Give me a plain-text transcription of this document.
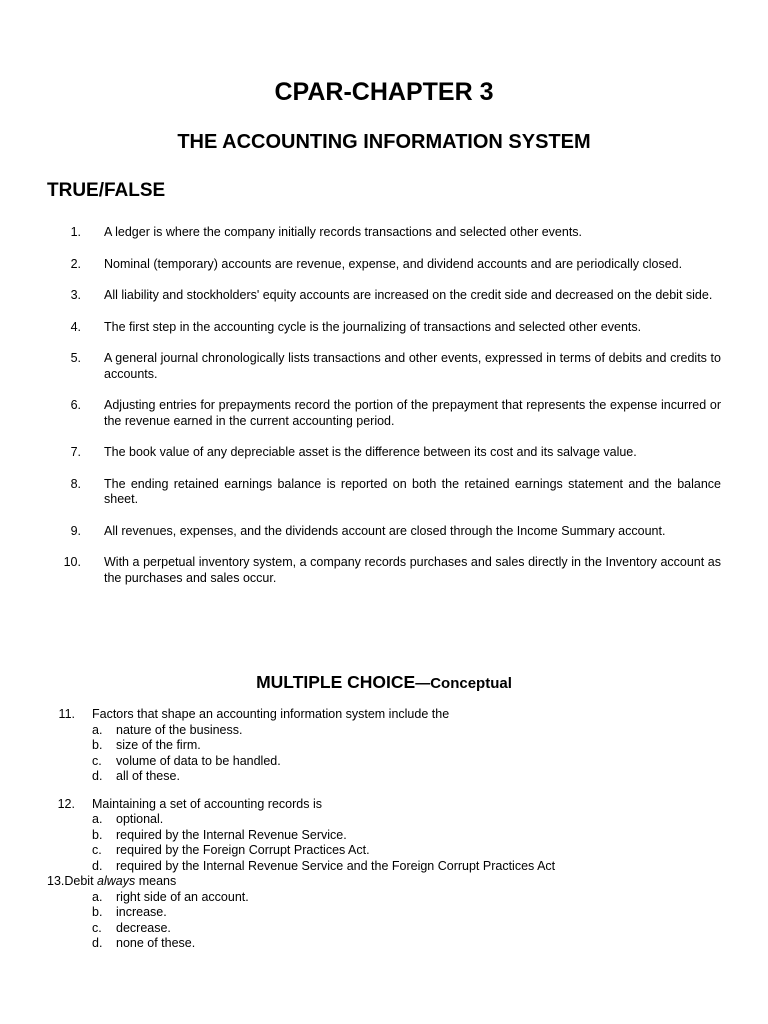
CPAR-CHAPTER 3
THE ACCOUNTING INFORMATION SYSTEM
TRUE/FALSE
1. A ledger is where the company initially records transactions and selected other events.
2. Nominal (temporary) accounts are revenue, expense, and dividend accounts and are periodically closed.
3. All liability and stockholders' equity accounts are increased on the credit side and decreased on the debit side.
4. The first step in the accounting cycle is the journalizing of transactions and selected other events.
5. A general journal chronologically lists transactions and other events, expressed in terms of debits and credits to accounts.
6. Adjusting entries for prepayments record the portion of the prepayment that represents the expense incurred or the revenue earned in the current accounting period.
7. The book value of any depreciable asset is the difference between its cost and its salvage value.
8. The ending retained earnings balance is reported on both the retained earnings statement and the balance sheet.
9. All revenues, expenses, and the dividends account are closed through the Income Summary account.
10. With a perpetual inventory system, a company records purchases and sales directly in the Inventory account as the purchases and sales occur.
MULTIPLE CHOICE—Conceptual
11. Factors that shape an accounting information system include the
a. nature of the business.
b. size of the firm.
c. volume of data to be handled.
d. all of these.
12. Maintaining a set of accounting records is
a. optional.
b. required by the Internal Revenue Service.
c. required by the Foreign Corrupt Practices Act.
d. required by the Internal Revenue Service and the Foreign Corrupt Practices Act
13.Debit always means
a. right side of an account.
b. increase.
c. decrease.
d. none of these.
